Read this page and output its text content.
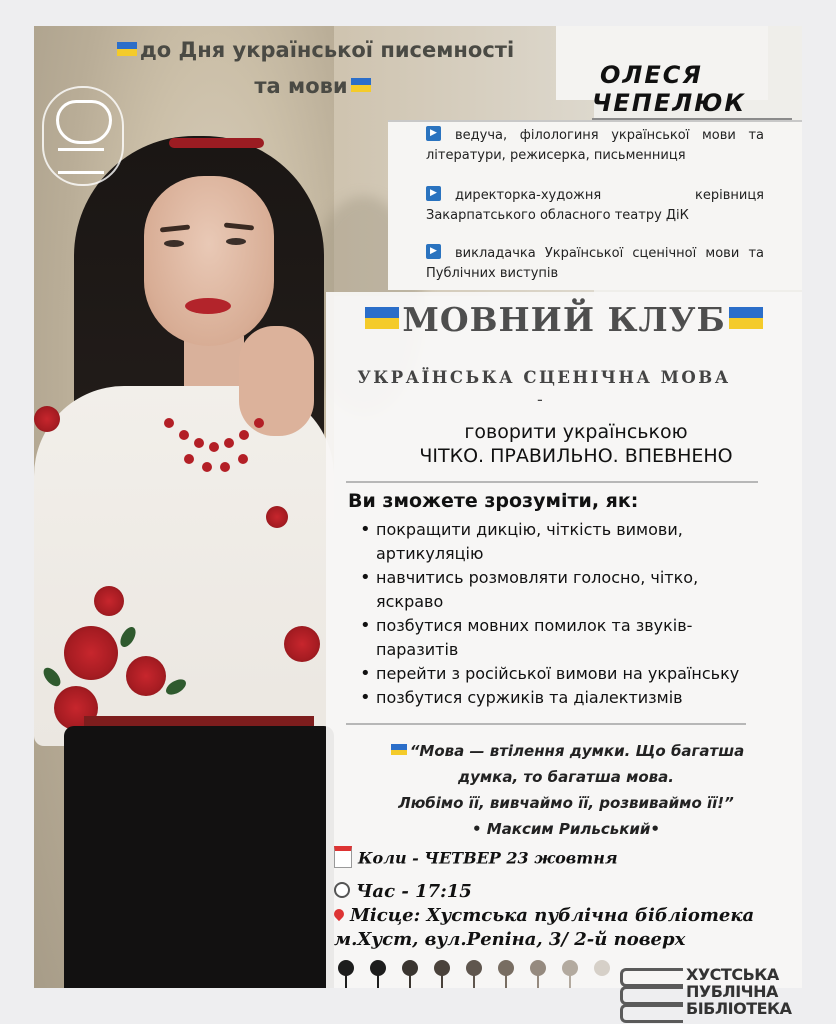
до Дня української писемності
та мови	ОЛЕСЯ
ЧЕПЕЛЮК
▶ ведуча, філологиня української мови та літератури, режисерка, письменниця
▶ директорка-художня керівниця Закарпатського обласного театру ДіК
▶ викладачка Української сценічної мови та Публічних виступів
МОВНИЙ КЛУБ
УКРАЇНСЬКА СЦЕНІЧНА МОВА
-
говорити українською
ЧІТКО. ПРАВИЛЬНО. ВПЕВНЕНО
Ви зможете зрозуміти, як:

• покращити дикцію, чіткість вимови, артикуляцію

• навчитись розмовляти голосно, чітко, яскраво

• позбутися мовних помилок та звуків-паразитів

• перейти з російської вимови на українську

• позбутися суржиків та діалектизмів

“Мова — втілення думки. Що багатша
думка, то багатша мова.
Любімо її, вивчаймо її, розвиваймо її!”
• Максим Рильський•
Коли - ЧЕТВЕР 23 жовтня
Час - 17:15
Місце: Хустська публічна бібліотека
м.Хуст, вул.Репіна, 3/ 2-й поверх
ХУСТСЬКА
ПУБЛІЧНА
БІБЛІОТЕКА
